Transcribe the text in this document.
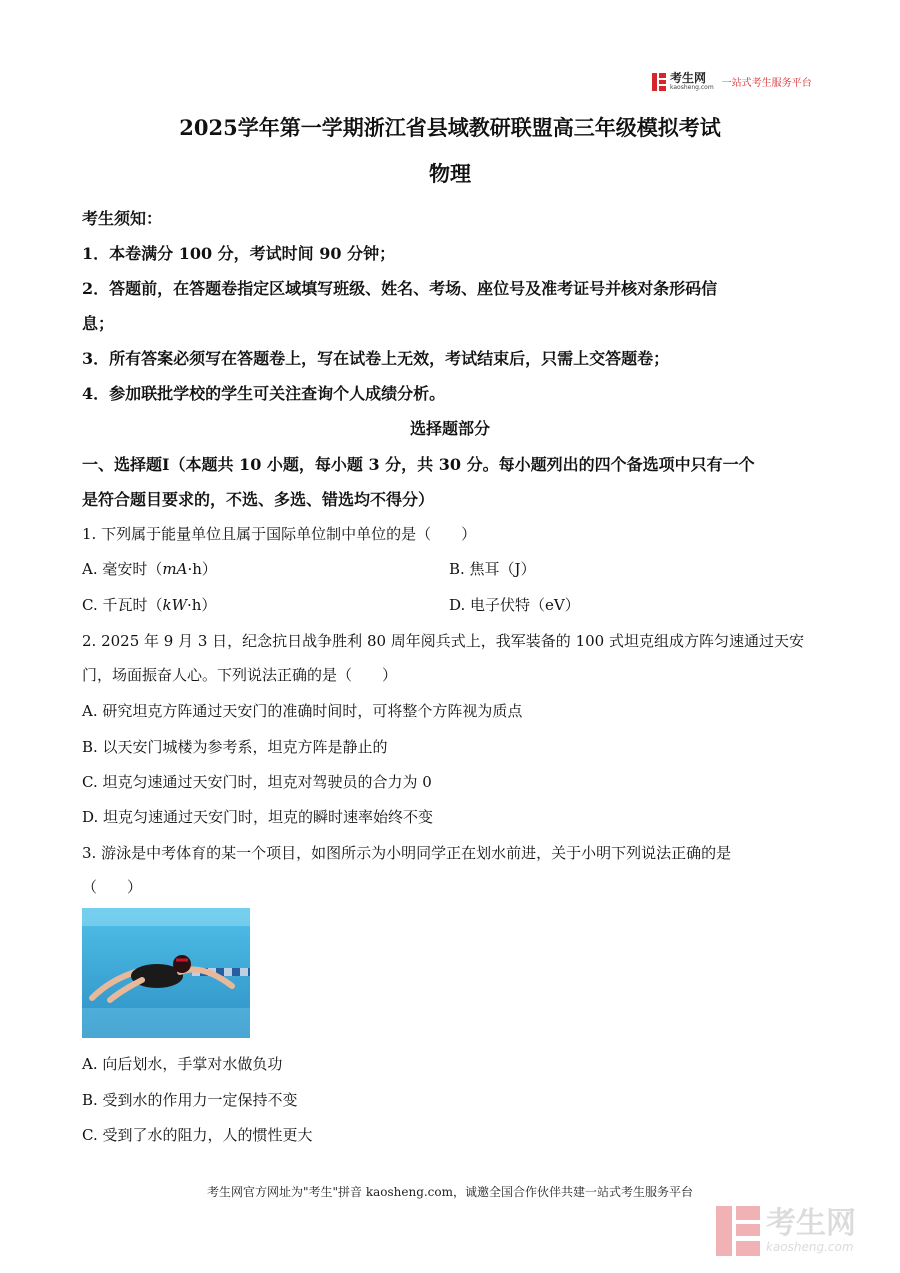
考生网
kaosheng.com 一站式考生服务平台
2025学年第一学期浙江省县域教研联盟高三年级模拟考试
物理
考生须知：
1．本卷满分 100 分，考试时间 90 分钟；
2．答题前，在答题卷指定区域填写班级、姓名、考场、座位号及准考证号并核对条形码信
息；
3．所有答案必须写在答题卷上，写在试卷上无效，考试结束后，只需上交答题卷；
4．参加联批学校的学生可关注查询个人成绩分析。
选择题部分
一、选择题Ⅰ（本题共 10 小题，每小题 3 分，共 30 分。每小题列出的四个备选项中只有一个
是符合题目要求的，不选、多选、错选均不得分）
1. 下列属于能量单位且属于国际单位制中单位的是（　　）
A. 毫安时（mA·h）	B. 焦耳（J）
C. 千瓦时（kW·h）	D. 电子伏特（eV）
2. 2025 年 9 月 3 日，纪念抗日战争胜利 80 周年阅兵式上，我军装备的 100 式坦克组成方阵匀速通过天安
门，场面振奋人心。下列说法正确的是（　　）
A. 研究坦克方阵通过天安门的准确时间时，可将整个方阵视为质点
B. 以天安门城楼为参考系，坦克方阵是静止的
C. 坦克匀速通过天安门时，坦克对驾驶员的合力为 0
D. 坦克匀速通过天安门时，坦克的瞬时速率始终不变
3. 游泳是中考体育的某一个项目，如图所示为小明同学正在划水前进，关于小明下列说法正确的是
（　　）
A. 向后划水，手掌对水做负功
B. 受到水的作用力一定保持不变
C. 受到了水的阻力，人的惯性更大
考生网官方网址为"考生"拼音 kaosheng.com，诚邀全国合作伙伴共建一站式考生服务平台
考生网
kaosheng.com
